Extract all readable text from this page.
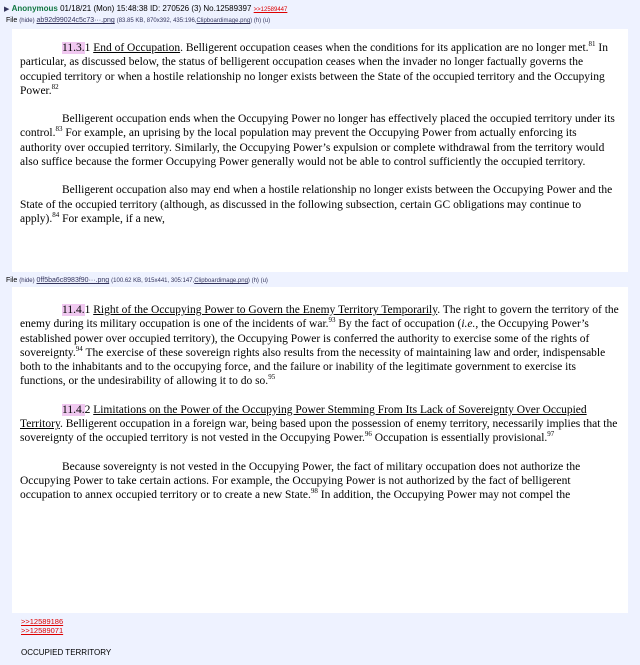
▶ Anonymous 01/18/21 (Mon) 15:48:38 ID: 270526 (3) No.12589397 >>12589447
File (hide) ab92d99024c5c73···.png (83.85 KB, 870x392, 435:196,Clipboardimage.png) (h) (u)

11.3.1 End of Occupation. Belligerent occupation ceases when the conditions for its application are no longer met.$^{81}$ In particular, as discussed below, the status of belligerent occupation ceases when the invader no longer factually governs the occupied territory or when a hostile relationship no longer exists between the State of the occupied territory and the Occupying Power.$^{82}$

Belligerent occupation ends when the Occupying Power no longer has effectively placed the occupied territory under its control.$^{83}$ For example, an uprising by the local population may prevent the Occupying Power from actually enforcing its authority over occupied territory. Similarly, the Occupying Power’s expulsion or complete withdrawal from the territory would also suffice because the former Occupying Power generally would not be able to control sufficiently the occupied territory.

Belligerent occupation also may end when a hostile relationship no longer exists between the Occupying Power and the State of the occupied territory (although, as discussed in the following subsection, certain GC obligations may continue to apply).$^{84}$ For example, if a new,

File (hide) 0ff5ba6c8983f90···.png (100.62 KB, 915x441, 305:147,Clipboardimage.png) (h) (u)

11.4.1 Right of the Occupying Power to Govern the Enemy Territory Temporarily. The right to govern the territory of the enemy during its military occupation is one of the incidents of war.$^{93}$ By the fact of occupation (i.e., the Occupying Power’s established power over occupied territory), the Occupying Power is conferred the authority to exercise some of the rights of sovereignty.$^{94}$ The exercise of these sovereign rights also results from the necessity of maintaining law and order, indispensable both to the inhabitants and to the occupying force, and the failure or inability of the legitimate government to exercise its functions, or the undesirability of allowing it to do so.$^{95}$

11.4.2 Limitations on the Power of the Occupying Power Stemming From Its Lack of Sovereignty Over Occupied Territory. Belligerent occupation in a foreign war, being based upon the possession of enemy territory, necessarily implies that the sovereignty of the occupied territory is not vested in the Occupying Power.$^{96}$ Occupation is essentially provisional.$^{97}$

Because sovereignty is not vested in the Occupying Power, the fact of military occupation does not authorize the Occupying Power to take certain actions. For example, the Occupying Power is not authorized by the fact of belligerent occupation to annex occupied territory or to create a new State.$^{98}$ In addition, the Occupying Power may not compel the

>>12589186
>>12589071
OCCUPIED TERRITORY
